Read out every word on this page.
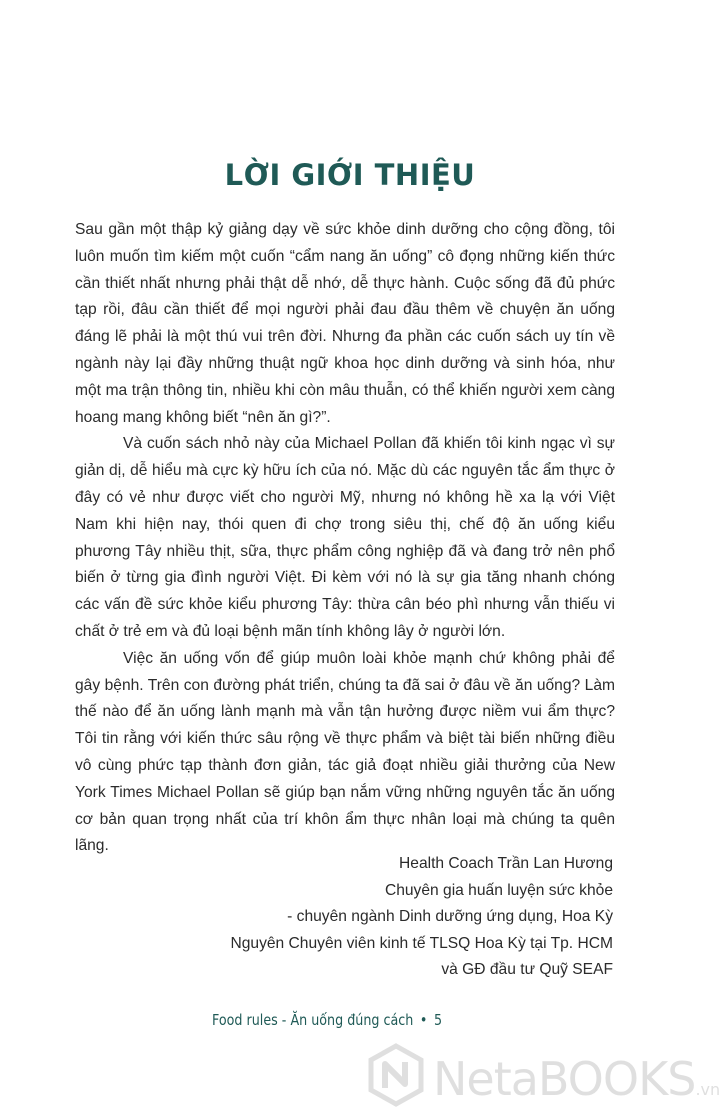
LỜI GIỚI THIỆU

Sau gần một thập kỷ giảng dạy về sức khỏe dinh dưỡng cho cộng đồng, tôi luôn muốn tìm kiếm một cuốn “cẩm nang ăn uống” cô đọng những kiến thức cần thiết nhất nhưng phải thật dễ nhớ, dễ thực hành. Cuộc sống đã đủ phức tạp rồi, đâu cần thiết để mọi người phải đau đầu thêm về chuyện ăn uống đáng lẽ phải là một thú vui trên đời. Nhưng đa phần các cuốn sách uy tín về ngành này lại đầy những thuật ngữ khoa học dinh dưỡng và sinh hóa, như một ma trận thông tin, nhiều khi còn mâu thuẫn, có thể khiến người xem càng hoang mang không biết “nên ăn gì?”.

Và cuốn sách nhỏ này của Michael Pollan đã khiến tôi kinh ngạc vì sự giản dị, dễ hiểu mà cực kỳ hữu ích của nó. Mặc dù các nguyên tắc ẩm thực ở đây có vẻ như được viết cho người Mỹ, nhưng nó không hề xa lạ với Việt Nam khi hiện nay, thói quen đi chợ trong siêu thị, chế độ ăn uống kiểu phương Tây nhiều thịt, sữa, thực phẩm công nghiệp đã và đang trở nên phổ biến ở từng gia đình người Việt. Đi kèm với nó là sự gia tăng nhanh chóng các vấn đề sức khỏe kiểu phương Tây: thừa cân béo phì nhưng vẫn thiếu vi chất ở trẻ em và đủ loại bệnh mãn tính không lây ở người lớn.

Việc ăn uống vốn để giúp muôn loài khỏe mạnh chứ không phải để gây bệnh. Trên con đường phát triển, chúng ta đã sai ở đâu về ăn uống? Làm thế nào để ăn uống lành mạnh mà vẫn tận hưởng được niềm vui ẩm thực? Tôi tin rằng với kiến thức sâu rộng về thực phẩm và biệt tài biến những điều vô cùng phức tạp thành đơn giản, tác giả đoạt nhiều giải thưởng của New York Times Michael Pollan sẽ giúp bạn nắm vững những nguyên tắc ăn uống cơ bản quan trọng nhất của trí khôn ẩm thực nhân loại mà chúng ta quên lãng.

Health Coach Trần Lan Hương
Chuyên gia huấn luyện sức khỏe
- chuyên ngành Dinh dưỡng ứng dụng, Hoa Kỳ
Nguyên Chuyên viên kinh tế TLSQ Hoa Kỳ tại Tp. HCM
và GĐ đầu tư Quỹ SEAF
Food rules - Ăn uống đúng cách • 5
NetaBOOKS.vn
